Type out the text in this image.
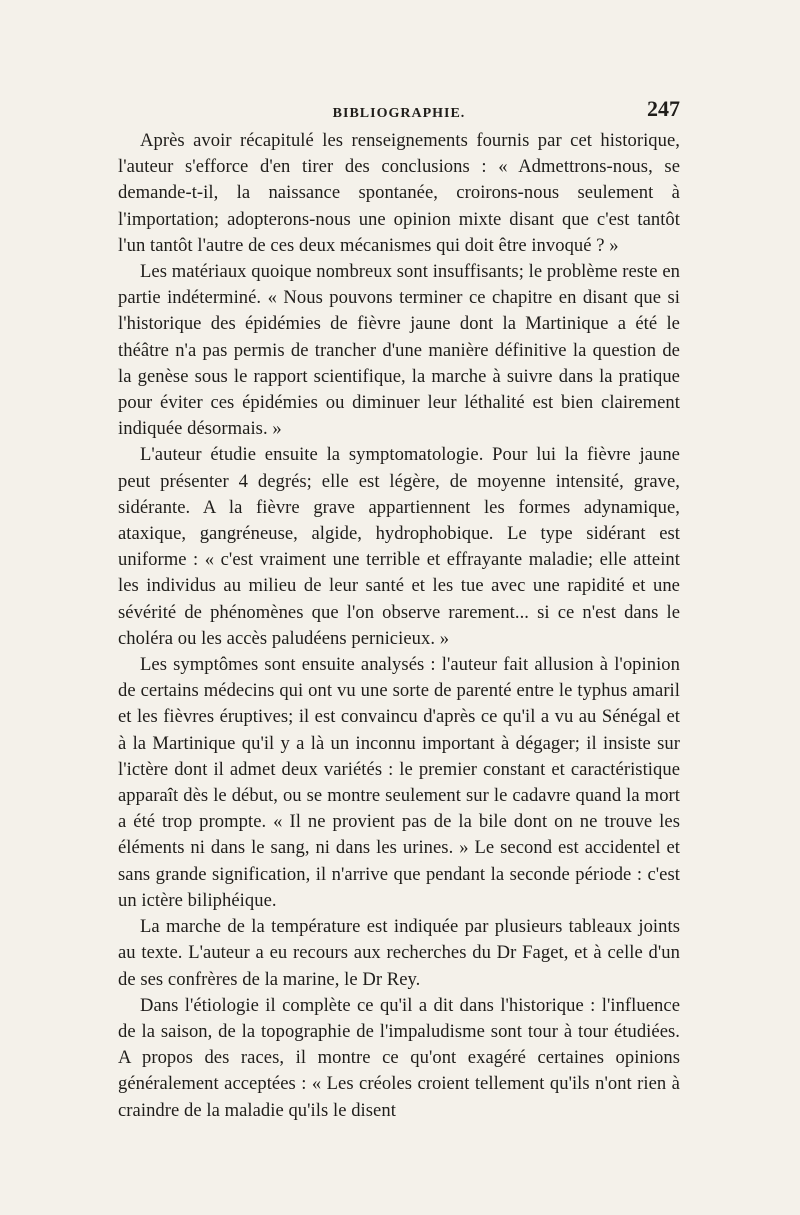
BIBLIOGRAPHIE.	247

Après avoir récapitulé les renseignements fournis par cet historique, l'auteur s'efforce d'en tirer des conclusions : « Admettrons-nous, se demande-t-il, la naissance spontanée, croirons-nous seulement à l'importation; adopterons-nous une opinion mixte disant que c'est tantôt l'un tantôt l'autre de ces deux mécanismes qui doit être invoqué ? »

Les matériaux quoique nombreux sont insuffisants; le problème reste en partie indéterminé. « Nous pouvons terminer ce chapitre en disant que si l'historique des épidémies de fièvre jaune dont la Martinique a été le théâtre n'a pas permis de trancher d'une manière définitive la question de la genèse sous le rapport scientifique, la marche à suivre dans la pratique pour éviter ces épidémies ou diminuer leur léthalité est bien clairement indiquée désormais. »

L'auteur étudie ensuite la symptomatologie. Pour lui la fièvre jaune peut présenter 4 degrés; elle est légère, de moyenne intensité, grave, sidérante. A la fièvre grave appartiennent les formes adynamique, ataxique, gangréneuse, algide, hydrophobique. Le type sidérant est uniforme : « c'est vraiment une terrible et effrayante maladie; elle atteint les individus au milieu de leur santé et les tue avec une rapidité et une sévérité de phénomènes que l'on observe rarement... si ce n'est dans le choléra ou les accès paludéens pernicieux. »

Les symptômes sont ensuite analysés : l'auteur fait allusion à l'opinion de certains médecins qui ont vu une sorte de parenté entre le typhus amaril et les fièvres éruptives; il est convaincu d'après ce qu'il a vu au Sénégal et à la Martinique qu'il y a là un inconnu important à dégager; il insiste sur l'ictère dont il admet deux variétés : le premier constant et caractéristique apparaît dès le début, ou se montre seulement sur le cadavre quand la mort a été trop prompte. « Il ne provient pas de la bile dont on ne trouve les éléments ni dans le sang, ni dans les urines. » Le second est accidentel et sans grande signification, il n'arrive que pendant la seconde période : c'est un ictère biliphéique.

La marche de la température est indiquée par plusieurs tableaux joints au texte. L'auteur a eu recours aux recherches du Dr Faget, et à celle d'un de ses confrères de la marine, le Dr Rey.

Dans l'étiologie il complète ce qu'il a dit dans l'historique : l'influence de la saison, de la topographie de l'impaludisme sont tour à tour étudiées. A propos des races, il montre ce qu'ont exagéré certaines opinions généralement acceptées : « Les créoles croient tellement qu'ils n'ont rien à craindre de la maladie qu'ils le disent
